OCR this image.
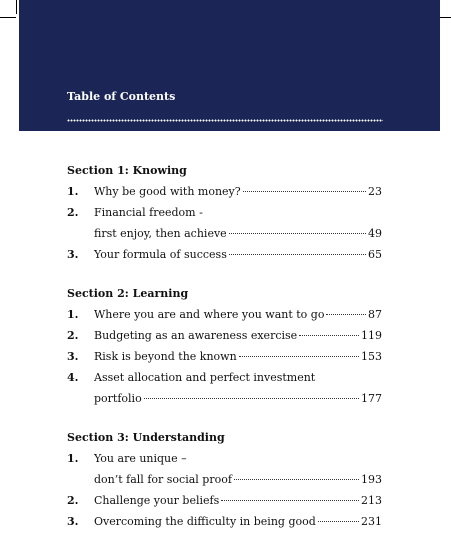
Table of Contents
Section 1: Knowing
1.	Why be good with money?	23
2.	Financial freedom -
first enjoy, then achieve	49
3.	Your formula of success	65
Section 2: Learning
1.	Where you are and where you want to go	87
2.	Budgeting as an awareness exercise	119
3.	Risk is beyond the known	153
4.	Asset allocation and perfect investment
portfolio	177
Section 3: Understanding
1.	You are unique –
don’t fall for social proof	193
2.	Challenge your beliefs	213
3.	Overcoming the difficulty in being good	231
